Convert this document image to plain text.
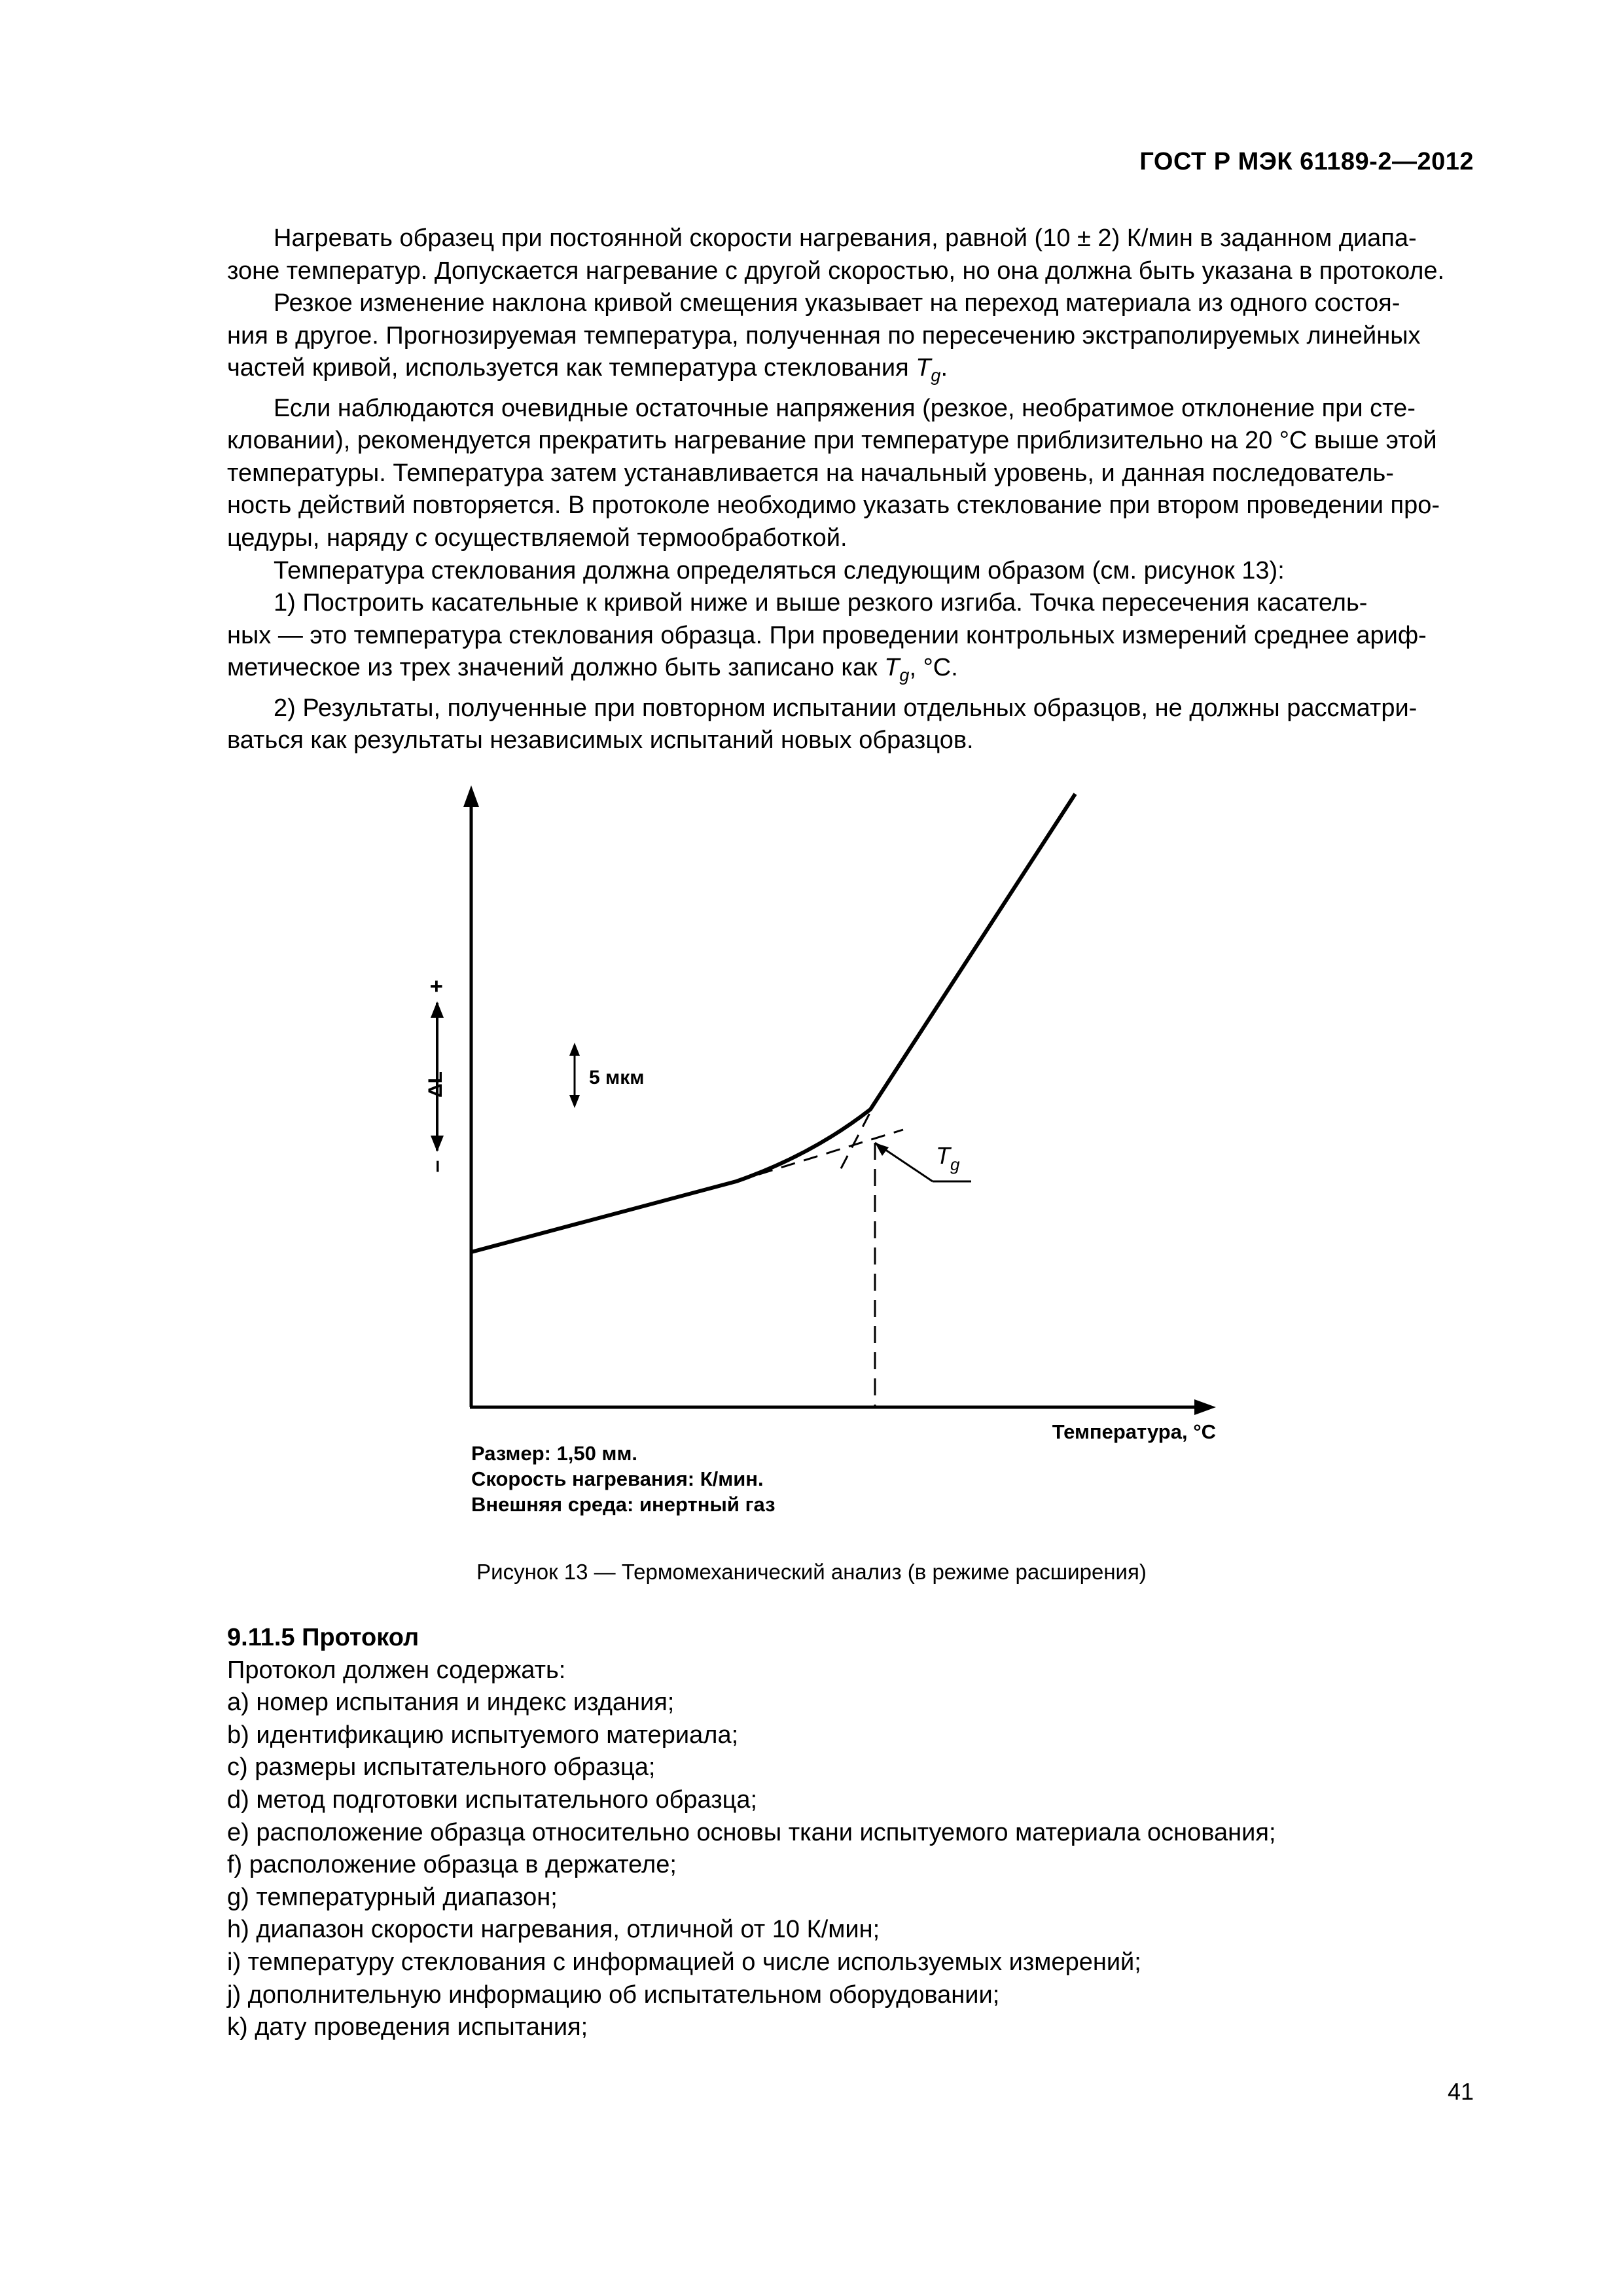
ГОСТ Р МЭК 61189-2—2012
Нагревать образец при постоянной скорости нагревания, равной (10 ± 2) К/мин в заданном диапа-
зоне температур. Допускается нагревание с другой скоростью, но она должна быть указана в протоколе.
Резкое изменение наклона кривой смещения указывает на переход материала из одного состоя-
ния в другое. Прогнозируемая температура, полученная по пересечению экстраполируемых линейных
частей кривой, используется как температура стеклования $T_g$.
Если наблюдаются очевидные остаточные напряжения (резкое, необратимое отклонение при сте-
кловании), рекомендуется прекратить нагревание при температуре приблизительно на 20 °С выше этой
температуры. Температура затем устанавливается на начальный уровень, и данная последователь-
ность действий повторяется. В протоколе необходимо указать стеклование при втором проведении про-
цедуры, наряду с осуществляемой термообработкой.
Температура стеклования должна определяться следующим образом (см. рисунок 13):
1) Построить касательные к кривой ниже и выше резкого изгиба. Точка пересечения касатель-
ных — это температура стеклования образца. При проведении контрольных измерений среднее ариф-
метическое из трех значений должно быть записано как $T_g$, °С.
2) Результаты, полученные при повторном испытании отдельных образцов, не должны рассматри-
ваться как результаты независимых испытаний новых образцов.
$T_g$
5 мкм
+
ΔL
–
Температура, °С
Размер: 1,50 мм.
Скорость нагревания: К/мин.
Внешняя среда: инертный газ
Рисунок 13 — Термомеханический анализ (в режиме расширения)
9.11.5 Протокол
Протокол должен содержать:
a) номер испытания и индекс издания;
b) идентификацию испытуемого материала;
c) размеры испытательного образца;
d) метод подготовки испытательного образца;
e) расположение образца относительно основы ткани испытуемого материала основания;
f) расположение образца в держателе;
g) температурный диапазон;
h) диапазон скорости нагревания, отличной от 10 К/мин;
i) температуру стеклования с информацией о числе используемых измерений;
j) дополнительную информацию об испытательном оборудовании;
k) дату проведения испытания;
41
